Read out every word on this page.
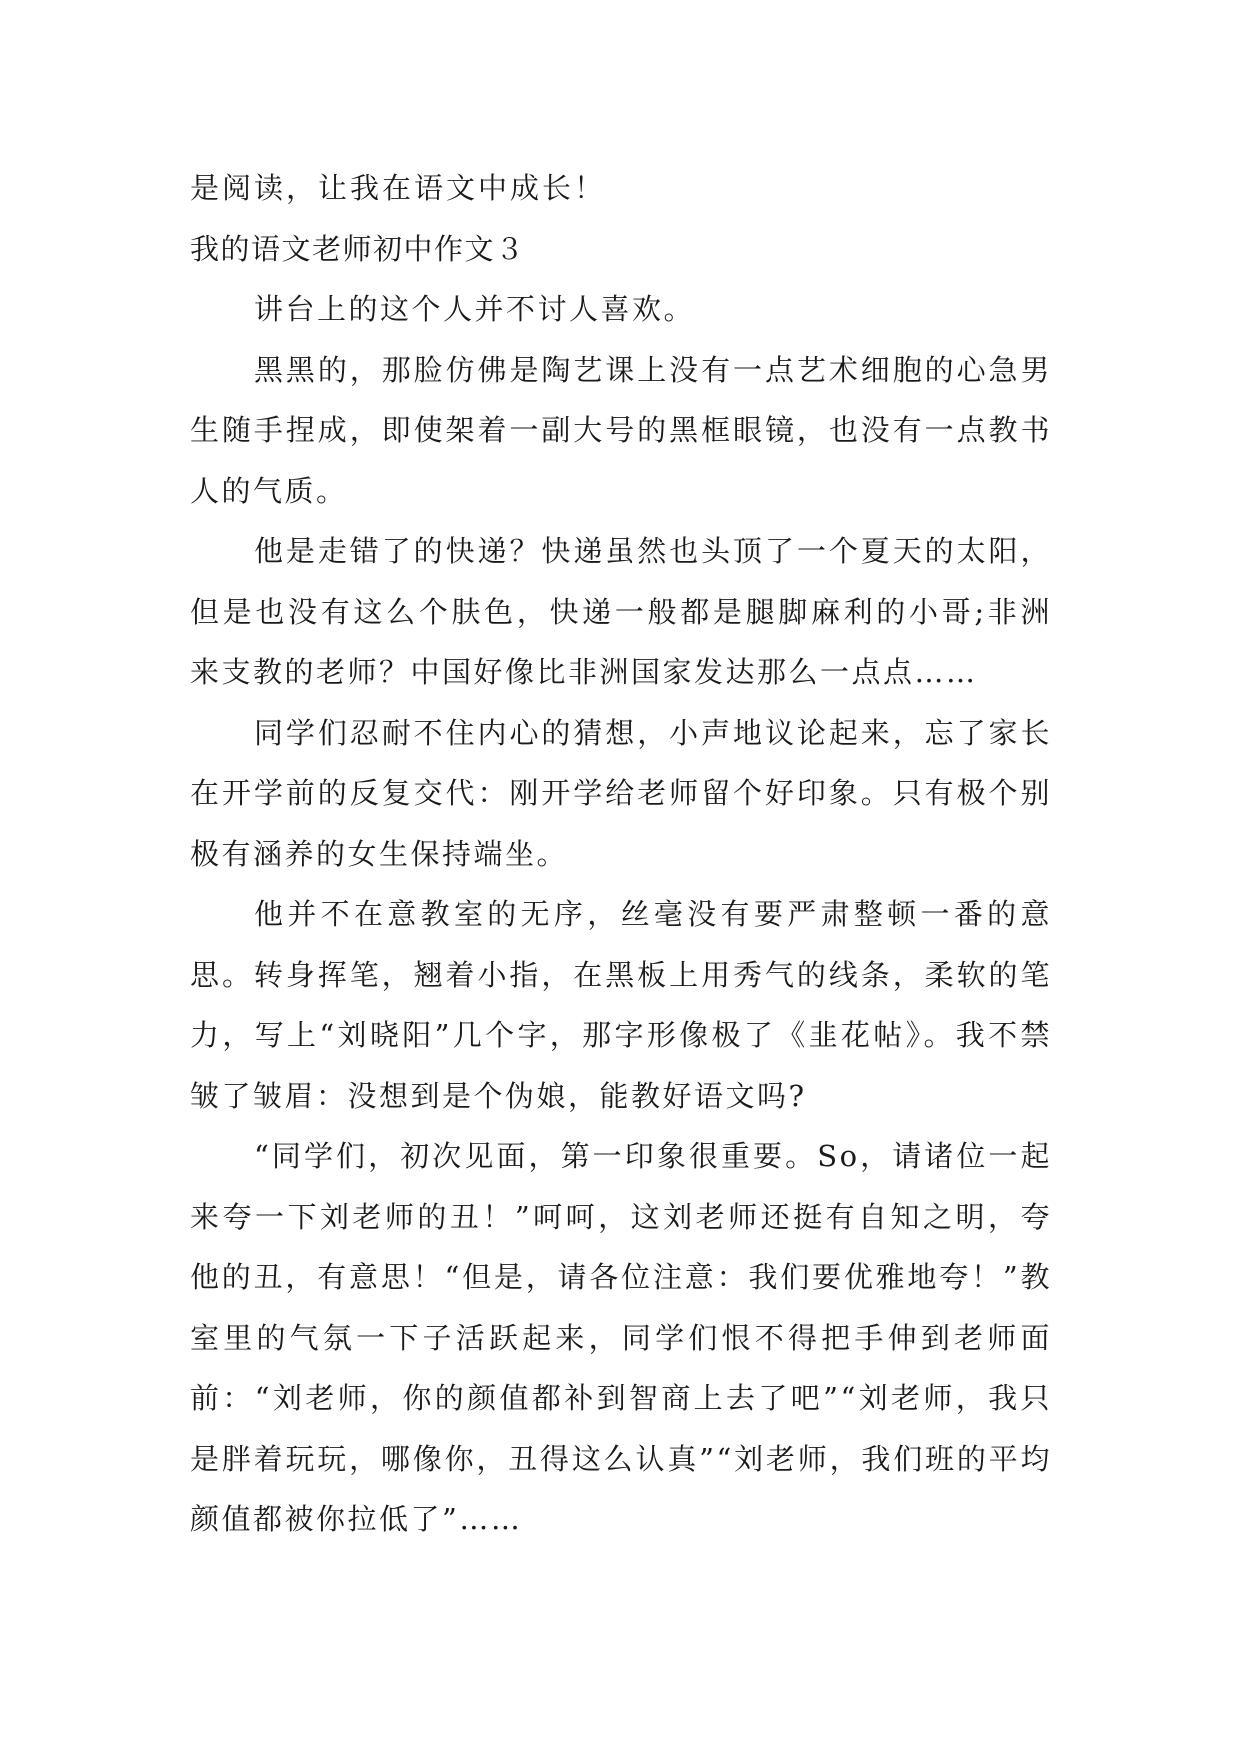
是阅读，让我在语文中成长！

我的语文老师初中作文３

讲台上的这个人并不讨人喜欢。

黑黑的，那脸仿佛是陶艺课上没有一点艺术细胞的心急男生随手捏成，即使架着一副大号的黑框眼镜，也没有一点教书人的气质。

他是走错了的快递？快递虽然也头顶了一个夏天的太阳，但是也没有这么个肤色，快递一般都是腿脚麻利的小哥;非洲来支教的老师？中国好像比非洲国家发达那么一点点……

同学们忍耐不住内心的猜想，小声地议论起来，忘了家长在开学前的反复交代：刚开学给老师留个好印象。只有极个别极有涵养的女生保持端坐。

他并不在意教室的无序，丝毫没有要严肃整顿一番的意思。转身挥笔，翘着小指，在黑板上用秀气的线条，柔软的笔力，写上“刘晓阳”几个字，那字形像极了《韭花帖》。我不禁皱了皱眉：没想到是个伪娘，能教好语文吗?

“同学们，初次见面，第一印象很重要。So，请诸位一起来夸一下刘老师的丑！”呵呵，这刘老师还挺有自知之明，夸他的丑，有意思！“但是，请各位注意：我们要优雅地夸！”教室里的气氛一下子活跃起来，同学们恨不得把手伸到老师面前：“刘老师，你的颜值都补到智商上去了吧”“刘老师，我只是胖着玩玩，哪像你，丑得这么认真”“刘老师，我们班的平均颜值都被你拉低了”……
